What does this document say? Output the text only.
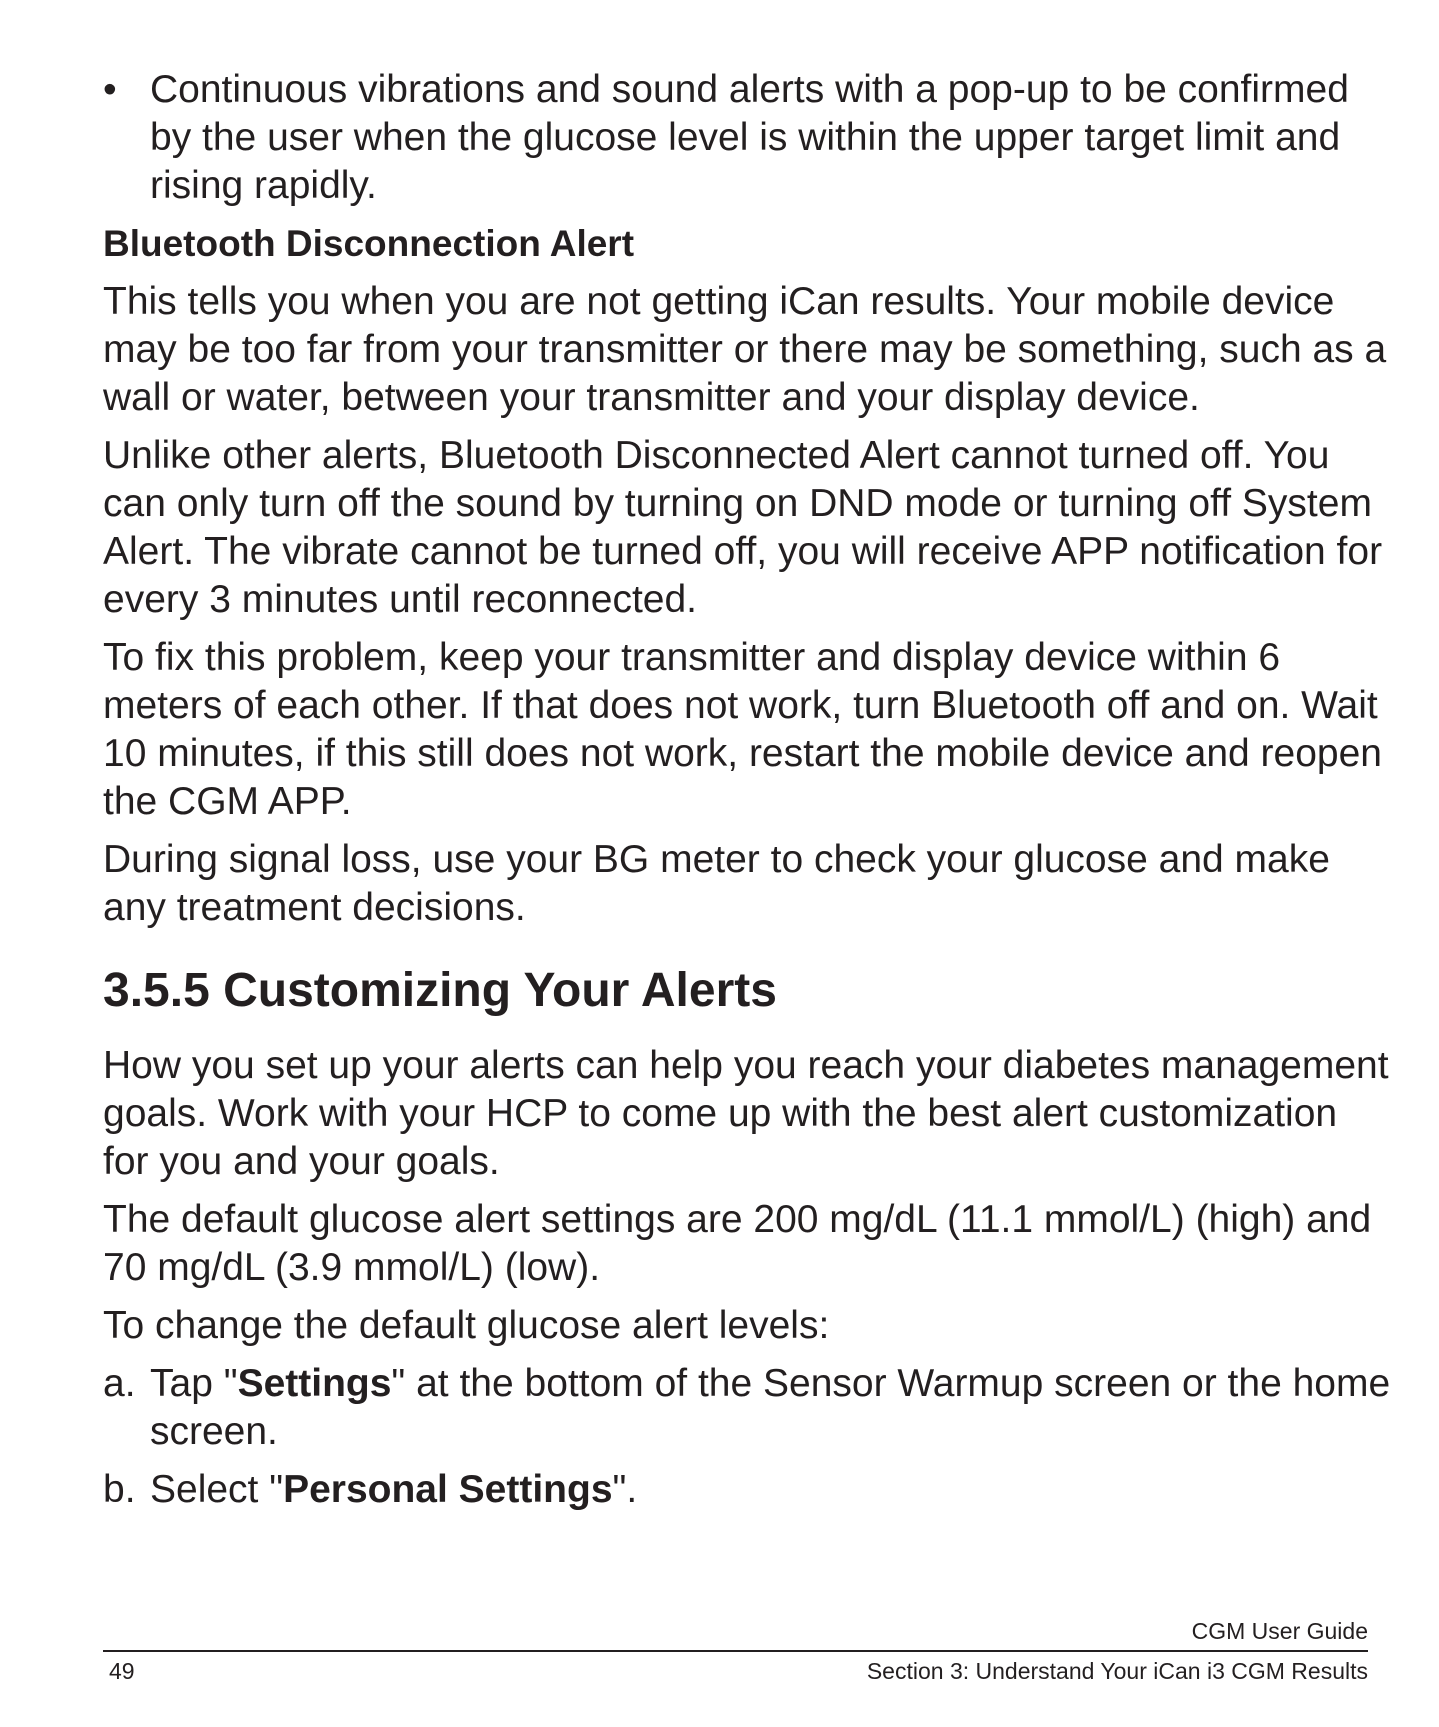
• Continuous vibrations and sound alerts with a pop-up to be confirmed by the user when the glucose level is within the upper target limit and rising rapidly.

Bluetooth Disconnection Alert

This tells you when you are not getting iCan results. Your mobile device may be too far from your transmitter or there may be something, such as a wall or water, between your transmitter and your display device.

Unlike other alerts, Bluetooth Disconnected Alert cannot turned off. You can only turn off the sound by turning on DND mode or turning off System Alert. The vibrate cannot be turned off, you will receive APP notification for every 3 minutes until reconnected.

To fix this problem, keep your transmitter and display device within 6 meters of each other. If that does not work, turn Bluetooth off and on. Wait 10 minutes, if this still does not work, restart the mobile device and reopen the CGM APP.

During signal loss, use your BG meter to check your glucose and make any treatment decisions.

3.5.5 Customizing Your Alerts

How you set up your alerts can help you reach your diabetes management goals. Work with your HCP to come up with the best alert customization for you and your goals.

The default glucose alert settings are 200 mg/dL (11.1 mmol/L) (high) and 70 mg/dL (3.9 mmol/L) (low).

To change the default glucose alert levels:

a. Tap "Settings" at the bottom of the Sensor Warmup screen or the home screen.
b. Select "Personal Settings".
CGM User Guide
49	Section 3: Understand Your iCan i3 CGM Results
